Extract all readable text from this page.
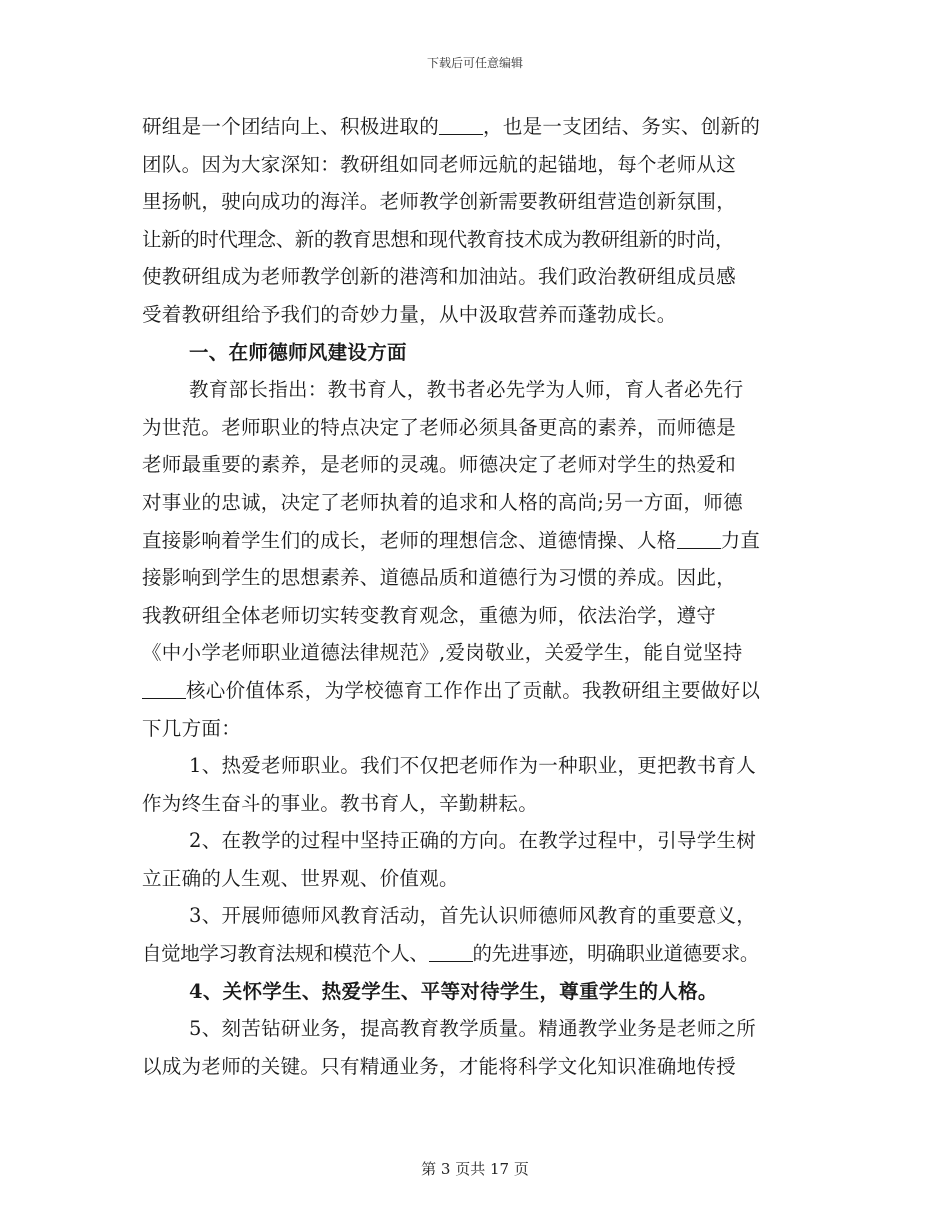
下载后可任意编辑
研组是一个团结向上、积极进取的 ，也是一支团结、务实、创新的
团队。因为大家深知：教研组如同老师远航的起锚地，每个老师从这
里扬帆，驶向成功的海洋。老师教学创新需要教研组营造创新氛围，
让新的时代理念、新的教育思想和现代教育技术成为教研组新的时尚，
使教研组成为老师教学创新的港湾和加油站。我们政治教研组成员感
受着教研组给予我们的奇妙力量，从中汲取营养而蓬勃成长。
一、在师德师风建设方面
教育部长指出：教书育人，教书者必先学为人师，育人者必先行
为世范。老师职业的特点决定了老师必须具备更高的素养，而师德是
老师最重要的素养，是老师的灵魂。师德决定了老师对学生的热爱和
对事业的忠诚，决定了老师执着的追求和人格的高尚;另一方面，师德
直接影响着学生们的成长，老师的理想信念、道德情操、人格 力直
接影响到学生的思想素养、道德品质和道德行为习惯的养成。因此，
我教研组全体老师切实转变教育观念，重德为师，依法治学，遵守
《中小学老师职业道德法律规范》,爱岗敬业，关爱学生，能自觉坚持
核心价值体系，为学校德育工作作出了贡献。我教研组主要做好以
下几方面：
1、热爱老师职业。我们不仅把老师作为一种职业，更把教书育人
作为终生奋斗的事业。教书育人，辛勤耕耘。
2、在教学的过程中坚持正确的方向。在教学过程中，引导学生树
立正确的人生观、世界观、价值观。
3、开展师德师风教育活动，首先认识师德师风教育的重要意义，
自觉地学习教育法规和模范个人、 的先进事迹，明确职业道德要求。
4、关怀学生、热爱学生、平等对待学生，尊重学生的人格。
5、刻苦钻研业务，提高教育教学质量。精通教学业务是老师之所
以成为老师的关键。只有精通业务，才能将科学文化知识准确地传授
第 3 页共 17 页
